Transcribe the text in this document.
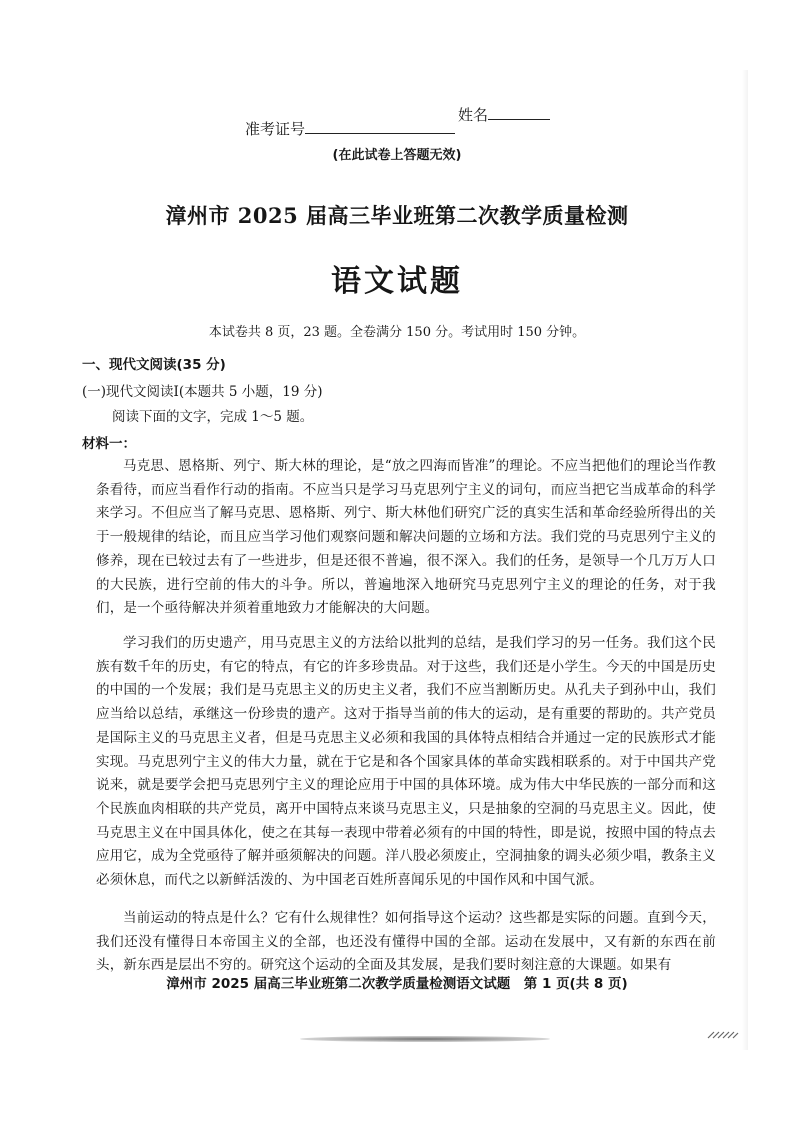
姓名
准考证号
(在此试卷上答题无效)
漳州市 2025 届高三毕业班第二次教学质量检测
语文试题
本试卷共 8 页，23 题。全卷满分 150 分。考试用时 150 分钟。
一、现代文阅读(35 分)
(一)现代文阅读Ⅰ(本题共 5 小题，19 分)
阅读下面的文字，完成 1～5 题。
材料一：

马克思、恩格斯、列宁、斯大林的理论，是“放之四海而皆准”的理论。不应当把他们的理论当作教条看待，而应当看作行动的指南。不应当只是学习马克思列宁主义的词句，而应当把它当成革命的科学来学习。不但应当了解马克思、恩格斯、列宁、斯大林他们研究广泛的真实生活和革命经验所得出的关于一般规律的结论，而且应当学习他们观察问题和解决问题的立场和方法。我们党的马克思列宁主义的修养，现在已较过去有了一些进步，但是还很不普遍，很不深入。我们的任务，是领导一个几万万人口的大民族，进行空前的伟大的斗争。所以，普遍地深入地研究马克思列宁主义的理论的任务，对于我们，是一个亟待解决并须着重地致力才能解决的大问题。

学习我们的历史遗产，用马克思主义的方法给以批判的总结，是我们学习的另一任务。我们这个民族有数千年的历史，有它的特点，有它的许多珍贵品。对于这些，我们还是小学生。今天的中国是历史的中国的一个发展；我们是马克思主义的历史主义者，我们不应当割断历史。从孔夫子到孙中山，我们应当给以总结，承继这一份珍贵的遗产。这对于指导当前的伟大的运动，是有重要的帮助的。共产党员是国际主义的马克思主义者，但是马克思主义必须和我国的具体特点相结合并通过一定的民族形式才能实现。马克思列宁主义的伟大力量，就在于它是和各个国家具体的革命实践相联系的。对于中国共产党说来，就是要学会把马克思列宁主义的理论应用于中国的具体环境。成为伟大中华民族的一部分而和这个民族血肉相联的共产党员，离开中国特点来谈马克思主义，只是抽象的空洞的马克思主义。因此，使马克思主义在中国具体化，使之在其每一表现中带着必须有的中国的特性，即是说，按照中国的特点去应用它，成为全党亟待了解并亟须解决的问题。洋八股必须废止，空洞抽象的调头必须少唱，教条主义必须休息，而代之以新鲜活泼的、为中国老百姓所喜闻乐见的中国作风和中国气派。

当前运动的特点是什么？它有什么规律性？如何指导这个运动？这些都是实际的问题。直到今天，我们还没有懂得日本帝国主义的全部，也还没有懂得中国的全部。运动在发展中，又有新的东西在前头，新东西是层出不穷的。研究这个运动的全面及其发展，是我们要时刻注意的大课题。如果有

漳州市 2025 届高三毕业班第二次教学质量检测语文试题　第 1 页(共 8 页)
